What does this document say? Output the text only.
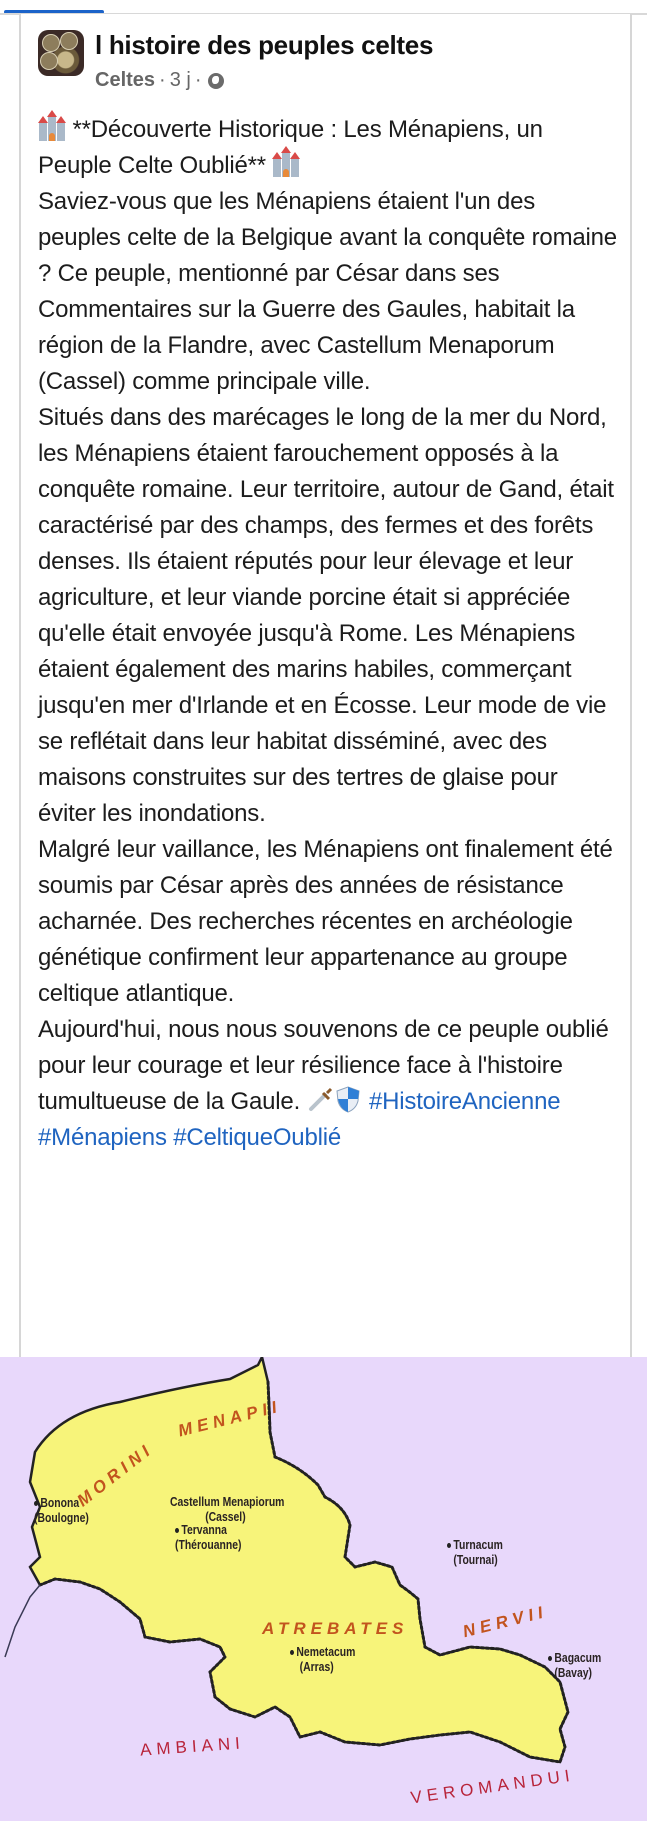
l histoire des peuples celtes
Celtes · 3 j ·

**Découverte Historique : Les Ménapiens, un Peuple Celte Oublié**

Saviez-vous que les Ménapiens étaient l'un des peuples celte de la Belgique avant la conquête romaine ? Ce peuple, mentionné par César dans ses Commentaires sur la Guerre des Gaules, habitait la région de la Flandre, avec Castellum Menaporum (Cassel) comme principale ville.

Situés dans des marécages le long de la mer du Nord, les Ménapiens étaient farouchement opposés à la conquête romaine. Leur territoire, autour de Gand, était caractérisé par des champs, des fermes et des forêts denses. Ils étaient réputés pour leur élevage et leur agriculture, et leur viande porcine était si appréciée qu'elle était envoyée jusqu'à Rome. Les Ménapiens étaient également des marins habiles, commerçant jusqu'en mer d'Irlande et en Écosse. Leur mode de vie se reflétait dans leur habitat disséminé, avec des maisons construites sur des tertres de glaise pour éviter les inondations.

Malgré leur vaillance, les Ménapiens ont finalement été soumis par César après des années de résistance acharnée. Des recherches récentes en archéologie génétique confirment leur appartenance au groupe celtique atlantique.

Aujourd'hui, nous nous souvenons de ce peuple oublié pour leur courage et leur résilience face à l'histoire tumultueuse de la Gaule.	#HistoireAncienne #Ménapiens #CeltiqueOublié

MENAPII
MORINI
ATREBATES	NERVII
AMBIANI
VEROMANDUI
Bonona
(Boulogne)
Castellum Menapiorum
(Cassel)
Tervanna
(Thérouanne)	Turnacum
(Tournai)
Nemetacum
(Arras)
Bagacum
(Bavay)
